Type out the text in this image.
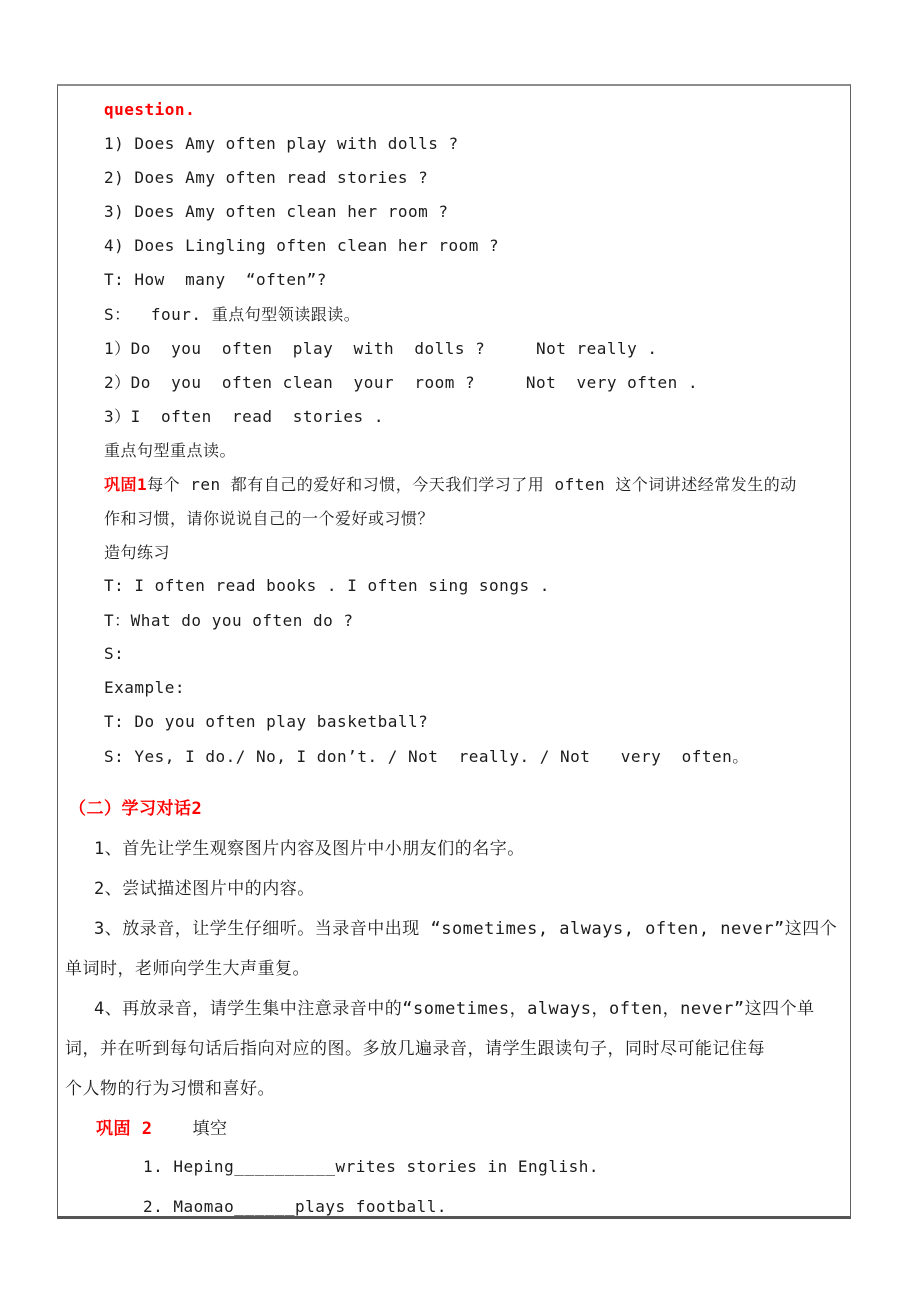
question.
1) Does Amy often play with dolls ?
2) Does Amy often read stories ?
3) Does Amy often clean her room ?
4) Does Lingling often clean her room ?
T: How  many  “often”?
S：  four. 重点句型领读跟读。
1）Do  you  often  play  with  dolls ?     Not really .
2）Do  you  often clean  your  room ?     Not  very often .
3）I  often  read  stories .
重点句型重点读。
巩固1 每个 ren 都有自己的爱好和习惯，今天我们学习了用 often 这个词讲述经常发生的动
作和习惯，请你说说自己的一个爱好或习惯？
造句练习
T: I often read books . I often sing songs .
T：What do you often do ?
S:
Example:
T: Do you often play basketball?
S: Yes, I do./ No, I don’t. / Not  really. / Not   very  often。
（二）学习对话2
1、首先让学生观察图片内容及图片中小朋友们的名字。
2、尝试描述图片中的内容。
3、放录音，让学生仔细听。当录音中出现 “sometimes, always, often, never”这四个
单词时，老师向学生大声重复。
4、再放录音，请学生集中注意录音中的“sometimes，always，often，never”这四个单
词，并在听到每句话后指向对应的图。多放几遍录音，请学生跟读句子，同时尽可能记住每
个人物的行为习惯和喜好。
巩固 2 填空
1. Heping__________writes stories in English.
2. Maomao______plays football.
